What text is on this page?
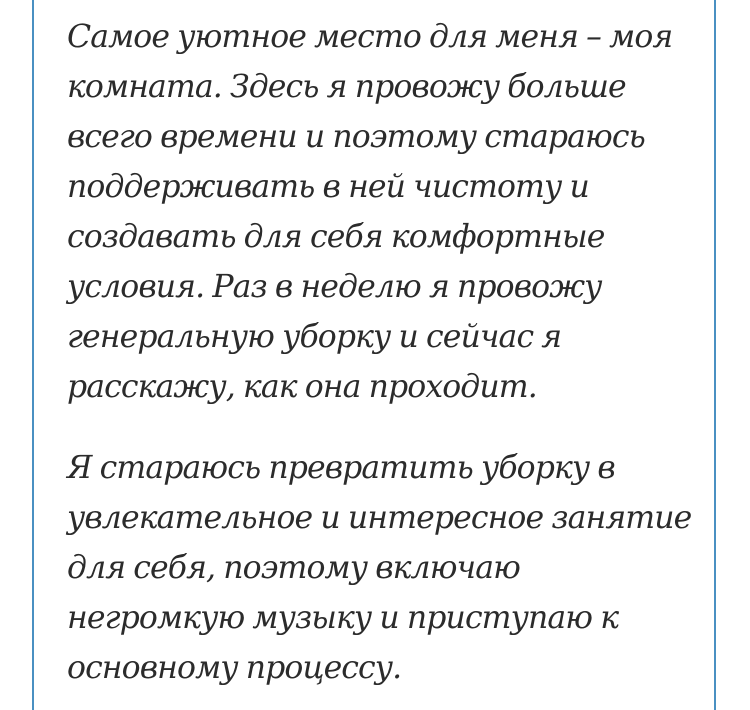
Самое уютное место для меня – моя
комната. Здесь я провожу больше
всего времени и поэтому стараюсь
поддерживать в ней чистоту и
создавать для себя комфортные
условия. Раз в неделю я провожу
генеральную уборку и сейчас я
расскажу, как она проходит.

Я стараюсь превратить уборку в
увлекательное и интересное занятие
для себя, поэтому включаю
негромкую музыку и приступаю к
основному процессу.
